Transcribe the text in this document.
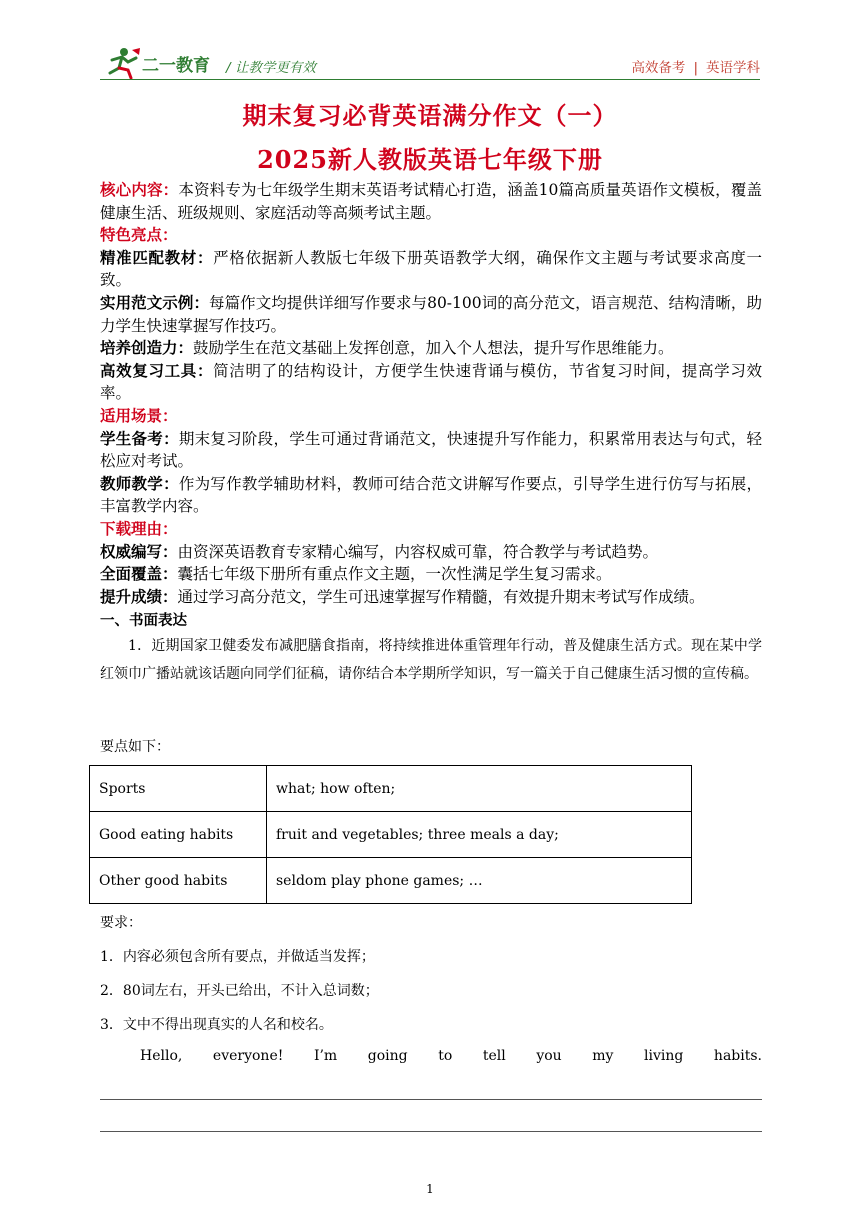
二一教育 / 让教学更有效	高效备考 | 英语学科
期末复习必背英语满分作文（一）
2025新人教版英语七年级下册

核心内容：本资料专为七年级学生期末英语考试精心打造，涵盖10篇高质量英语作文模板，覆盖健康生活、班级规则、家庭活动等高频考试主题。

特色亮点：

精准匹配教材：严格依据新人教版七年级下册英语教学大纲，确保作文主题与考试要求高度一致。

实用范文示例：每篇作文均提供详细写作要求与80-100词的高分范文，语言规范、结构清晰，助力学生快速掌握写作技巧。

培养创造力：鼓励学生在范文基础上发挥创意，加入个人想法，提升写作思维能力。

高效复习工具：简洁明了的结构设计，方便学生快速背诵与模仿，节省复习时间，提高学习效率。

适用场景：

学生备考：期末复习阶段，学生可通过背诵范文，快速提升写作能力，积累常用表达与句式，轻松应对考试。

教师教学：作为写作教学辅助材料，教师可结合范文讲解写作要点，引导学生进行仿写与拓展，丰富教学内容。

下载理由：

权威编写：由资深英语教育专家精心编写，内容权威可靠，符合教学与考试趋势。

全面覆盖：囊括七年级下册所有重点作文主题，一次性满足学生复习需求。

提升成绩：通过学习高分范文，学生可迅速掌握写作精髓，有效提升期末考试写作成绩。

一、书面表达
1．近期国家卫健委发布减肥膳食指南，将持续推进体重管理年行动，普及健康生活方式。现在某中学红领巾广播站就该话题向同学们征稿，请你结合本学期所学知识，写一篇关于自己健康生活习惯的宣传稿。
要点如下：
Sports	what; how often;
Good eating habits	fruit and vegetables; three meals a day;
Other good habits	seldom play phone games; …
要求：
1．内容必须包含所有要点，并做适当发挥；
2．80词左右，开头已给出，不计入总词数；
3．文中不得出现真实的人名和校名。
Hello, everyone! I’m going to tell you my living habits.
1
